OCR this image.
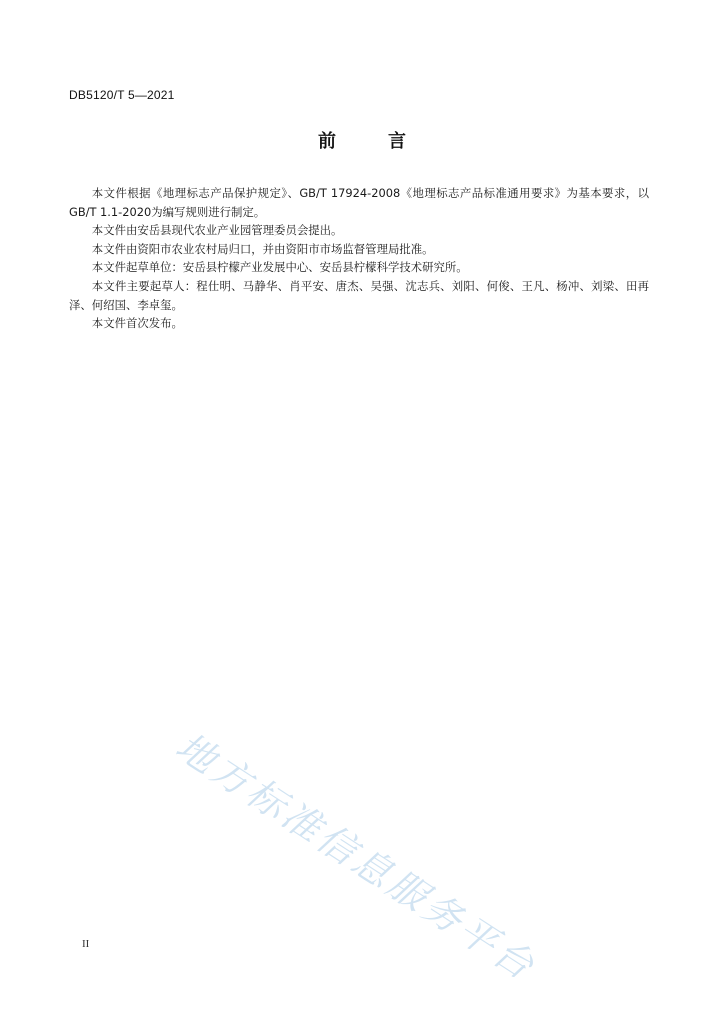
DB5120/T 5—2021
前	言

本文件根据《地理标志产品保护规定》、GB/T 17924-2008《地理标志产品标准通用要求》为基本要求，以GB/T 1.1-2020为编写规则进行制定。

本文件由安岳县现代农业产业园管理委员会提出。

本文件由资阳市农业农村局归口，并由资阳市市场监督管理局批准。

本文件起草单位：安岳县柠檬产业发展中心、安岳县柠檬科学技术研究所。

本文件主要起草人：程仕明、马静华、肖平安、唐杰、吴强、沈志兵、刘阳、何俊、王凡、杨冲、刘梁、田再泽、何绍国、李卓玺。

本文件首次发布。

地方标准信息服务平台
II
